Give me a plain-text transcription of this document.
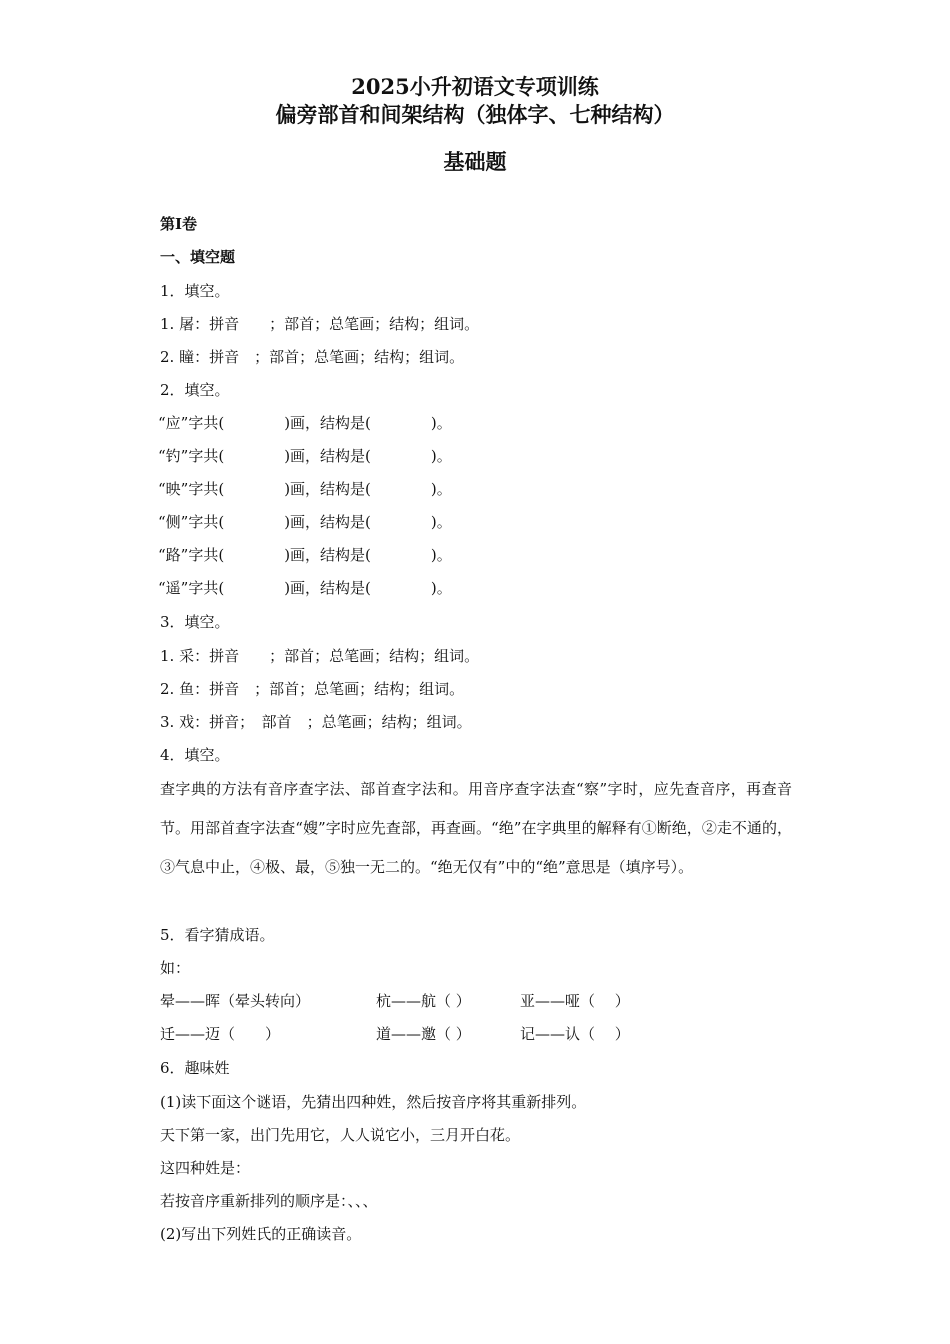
2025小升初语文专项训练
偏旁部首和间架结构（独体字、七种结构）
基础题
第I卷
一、填空题
1．填空。
1. 屠：拼音　　；部首；总笔画；结构；组词。
2. 瞳：拼音　；部首；总笔画；结构；组词。
2．填空。
“应”字共(　　　　)画，结构是(　　　　)。
“钓”字共(　　　　)画，结构是(　　　　)。
“映”字共(　　　　)画，结构是(　　　　)。
“侧”字共(　　　　)画，结构是(　　　　)。
“路”字共(　　　　)画，结构是(　　　　)。
“遥”字共(　　　　)画，结构是(　　　　)。
3．填空。
1. 采：拼音　　；部首；总笔画；结构；组词。
2. 鱼：拼音　；部首；总笔画；结构；组词。
3. 戏：拼音；　部首　；总笔画；结构；组词。
4．填空。
查字典的方法有音序查字法、部首查字法和。用音序查字法查“察”字时，应先查音序，再查音节。用部首查字法查“嫂”字时应先查部，再查画。“绝”在字典里的解释有①断绝，②走不通的，③气息中止，④极、最，⑤独一无二的。“绝无仅有”中的“绝”意思是（填序号）。
5．看字猜成语。
如：
晕——晖（晕头转向）	杭——航（ ）	亚——哑（　 ）
迁——迈（　　）	道——邀（ ）	记——认（　 ）
6．趣味姓
(1)读下面这个谜语，先猜出四种姓，然后按音序将其重新排列。
天下第一家，出门先用它，人人说它小，三月开白花。
这四种姓是：
若按音序重新排列的顺序是：、、、
(2)写出下列姓氏的正确读音。
